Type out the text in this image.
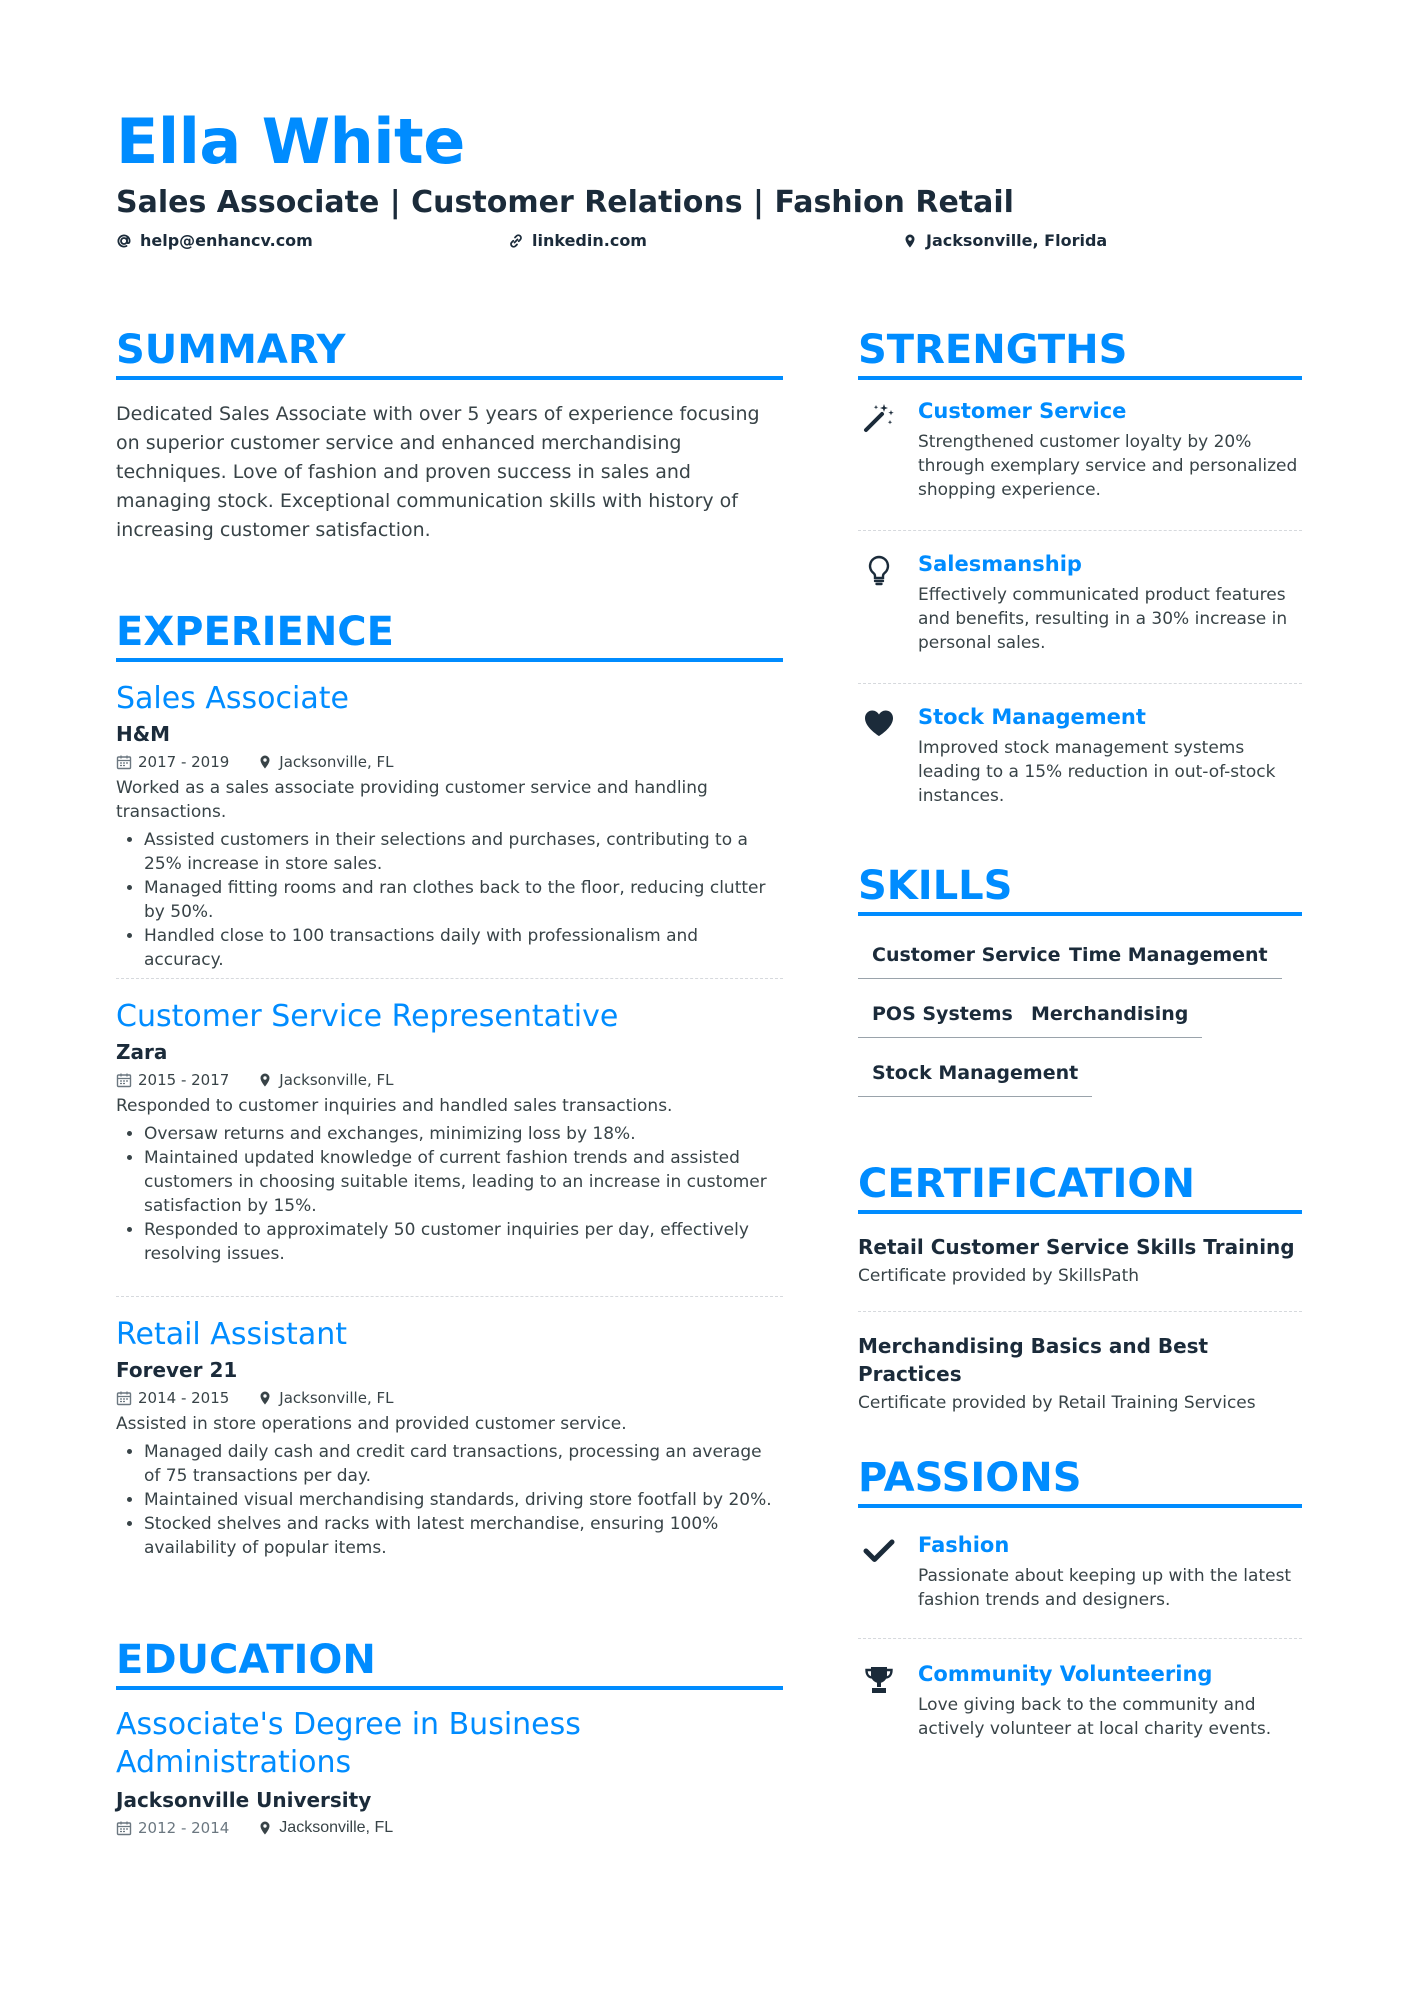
Ella White
Sales Associate | Customer Relations | Fashion Retail
help@enhancv.com	linkedin.com	Jacksonville, Florida
SUMMARY
Dedicated Sales Associate with over 5 years of experience focusing on superior customer service and enhanced merchandising techniques. Love of fashion and proven success in sales and managing stock. Exceptional communication skills with history of increasing customer satisfaction.
EXPERIENCE
Sales Associate
H&M
2017 - 2019	Jacksonville, FL
Worked as a sales associate providing customer service and handling transactions.
• Assisted customers in their selections and purchases, contributing to a 25% increase in store sales.
• Managed fitting rooms and ran clothes back to the floor, reducing clutter by 50%.
• Handled close to 100 transactions daily with professionalism and accuracy.
Customer Service Representative
Zara
2015 - 2017	Jacksonville, FL
Responded to customer inquiries and handled sales transactions.
• Oversaw returns and exchanges, minimizing loss by 18%.
• Maintained updated knowledge of current fashion trends and assisted customers in choosing suitable items, leading to an increase in customer satisfaction by 15%.
• Responded to approximately 50 customer inquiries per day, effectively resolving issues.
Retail Assistant
Forever 21
2014 - 2015	Jacksonville, FL
Assisted in store operations and provided customer service.
• Managed daily cash and credit card transactions, processing an average of 75 transactions per day.
• Maintained visual merchandising standards, driving store footfall by 20%.
• Stocked shelves and racks with latest merchandise, ensuring 100% availability of popular items.
EDUCATION
Associate's Degree in Business Administrations
Jacksonville University
2012 - 2014	Jacksonville, FL
STRENGTHS
Customer Service
Strengthened customer loyalty by 20% through exemplary service and personalized shopping experience.
Salesmanship
Effectively communicated product features and benefits, resulting in a 30% increase in personal sales.
Stock Management
Improved stock management systems leading to a 15% reduction in out-of-stock instances.
SKILLS
Customer Service Time Management
POS Systems Merchandising
Stock Management
CERTIFICATION
Retail Customer Service Skills Training
Certificate provided by SkillsPath
Merchandising Basics and Best Practices
Certificate provided by Retail Training Services
PASSIONS
Fashion
Passionate about keeping up with the latest fashion trends and designers.
Community Volunteering
Love giving back to the community and actively volunteer at local charity events.
